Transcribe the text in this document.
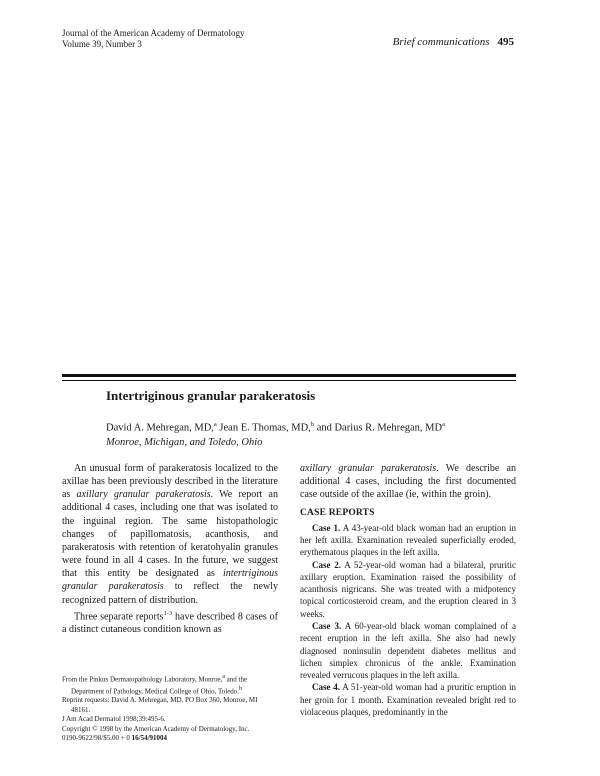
Journal of the American Academy of Dermatology
Volume 39, Number 3	Brief communications 495
Intertriginous granular parakeratosis
David A. Mehregan, MD,$^a$ Jean E. Thomas, MD,$^b$ and Darius R. Mehregan, $MD^a$
Monroe, Michigan, and Toledo, Ohio

An unusual form of parakeratosis localized to the axillae has been previously described in the literature as axillary granular parakeratosis. We report an additional 4 cases, including one that was isolated to the inguinal region. The same histopathologic changes of papillomatosis, acanthosis, and parakeratosis with retention of keratohyalin granules were found in all 4 cases. In the future, we suggest that this entity be designated as intertriginous granular parakeratosis to reflect the newly recognized pattern of distribution.

Three separate reports$^{1-3}$ have described 8 cases of a distinct cutaneous condition known as

axillary granular parakeratosis. We describe an additional 4 cases, including the first documented case outside of the axillae (ie, within the groin).

CASE REPORTS

Case 1. A 43-year-old black woman had an eruption in her left axilla. Examination revealed superficially eroded, erythematous plaques in the left axilla.

Case 2. A 52-year-old woman had a bilateral, pruritic axillary eruption. Examination raised the possibility of acanthosis nigricans. She was treated with a midpotency topical corticosteroid cream, and the eruption cleared in 3 weeks.

Case 3. A 60-year-old black woman complained of a recent eruption in the left axilla. She also had newly diagnosed noninsulin dependent diabetes mellitus and lichen simplex chronicus of the ankle. Examination revealed verrucous plaques in the left axilla.

Case 4. A 51-year-old woman had a pruritic eruption in her groin for 1 month. Examination revealed bright red to violaceous plaques, predominantly in the

From the Pinkus Dermatopathology Laboratory, Monroe,$^a$ and the
Department of Pathology, Medical College of Ohio, Toledo.$^b$
Reprint requests: David A. Mehregan, MD, PO Box 360, Monroe, MI
48161.
J Am Acad Dermatol 1998;39:495-6.
Copyright © 1998 by the American Academy of Dermatology, Inc.
0190-9622/98/$5.00 + 0 16/54/91004
